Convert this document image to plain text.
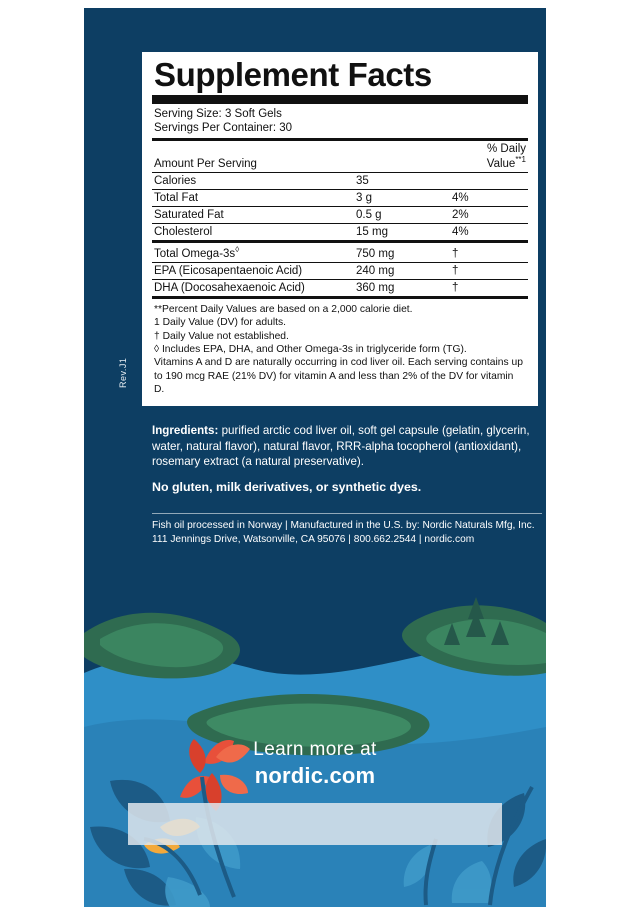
Learn more at
nordic.com
Rev.J1
Supplement Facts
Serving Size: 3 Soft Gels
Servings Per Container: 30
Amount Per Serving		% Daily Value$^{**1}$
Calories	35	
Total Fat	3 g	4%
Saturated Fat	0.5 g	2%
Cholesterol	15 mg	4%
Total Omega-3s◊	750 mg	†
EPA (Eicosapentaenoic Acid)	240 mg	†
DHA (Docosahexaenoic Acid)	360 mg	†
**Percent Daily Values are based on a 2,000 calorie diet.
1 Daily Value (DV) for adults.
† Daily Value not established.
◊ Includes EPA, DHA, and Other Omega-3s in triglyceride form (TG).
Vitamins A and D are naturally occurring in cod liver oil. Each serving contains up to 190 mcg RAE (21% DV) for vitamin A and less than 2% of the DV for vitamin D.
Ingredients: purified arctic cod liver oil, soft gel capsule (gelatin, glycerin, water, natural flavor), natural flavor, RRR-alpha tocopherol (antioxidant), rosemary extract (a natural preservative).
No gluten, milk derivatives, or synthetic dyes.
Fish oil processed in Norway | Manufactured in the U.S. by: Nordic Naturals Mfg, Inc.
111 Jennings Drive, Watsonville, CA 95076 | 800.662.2544 | nordic.com
